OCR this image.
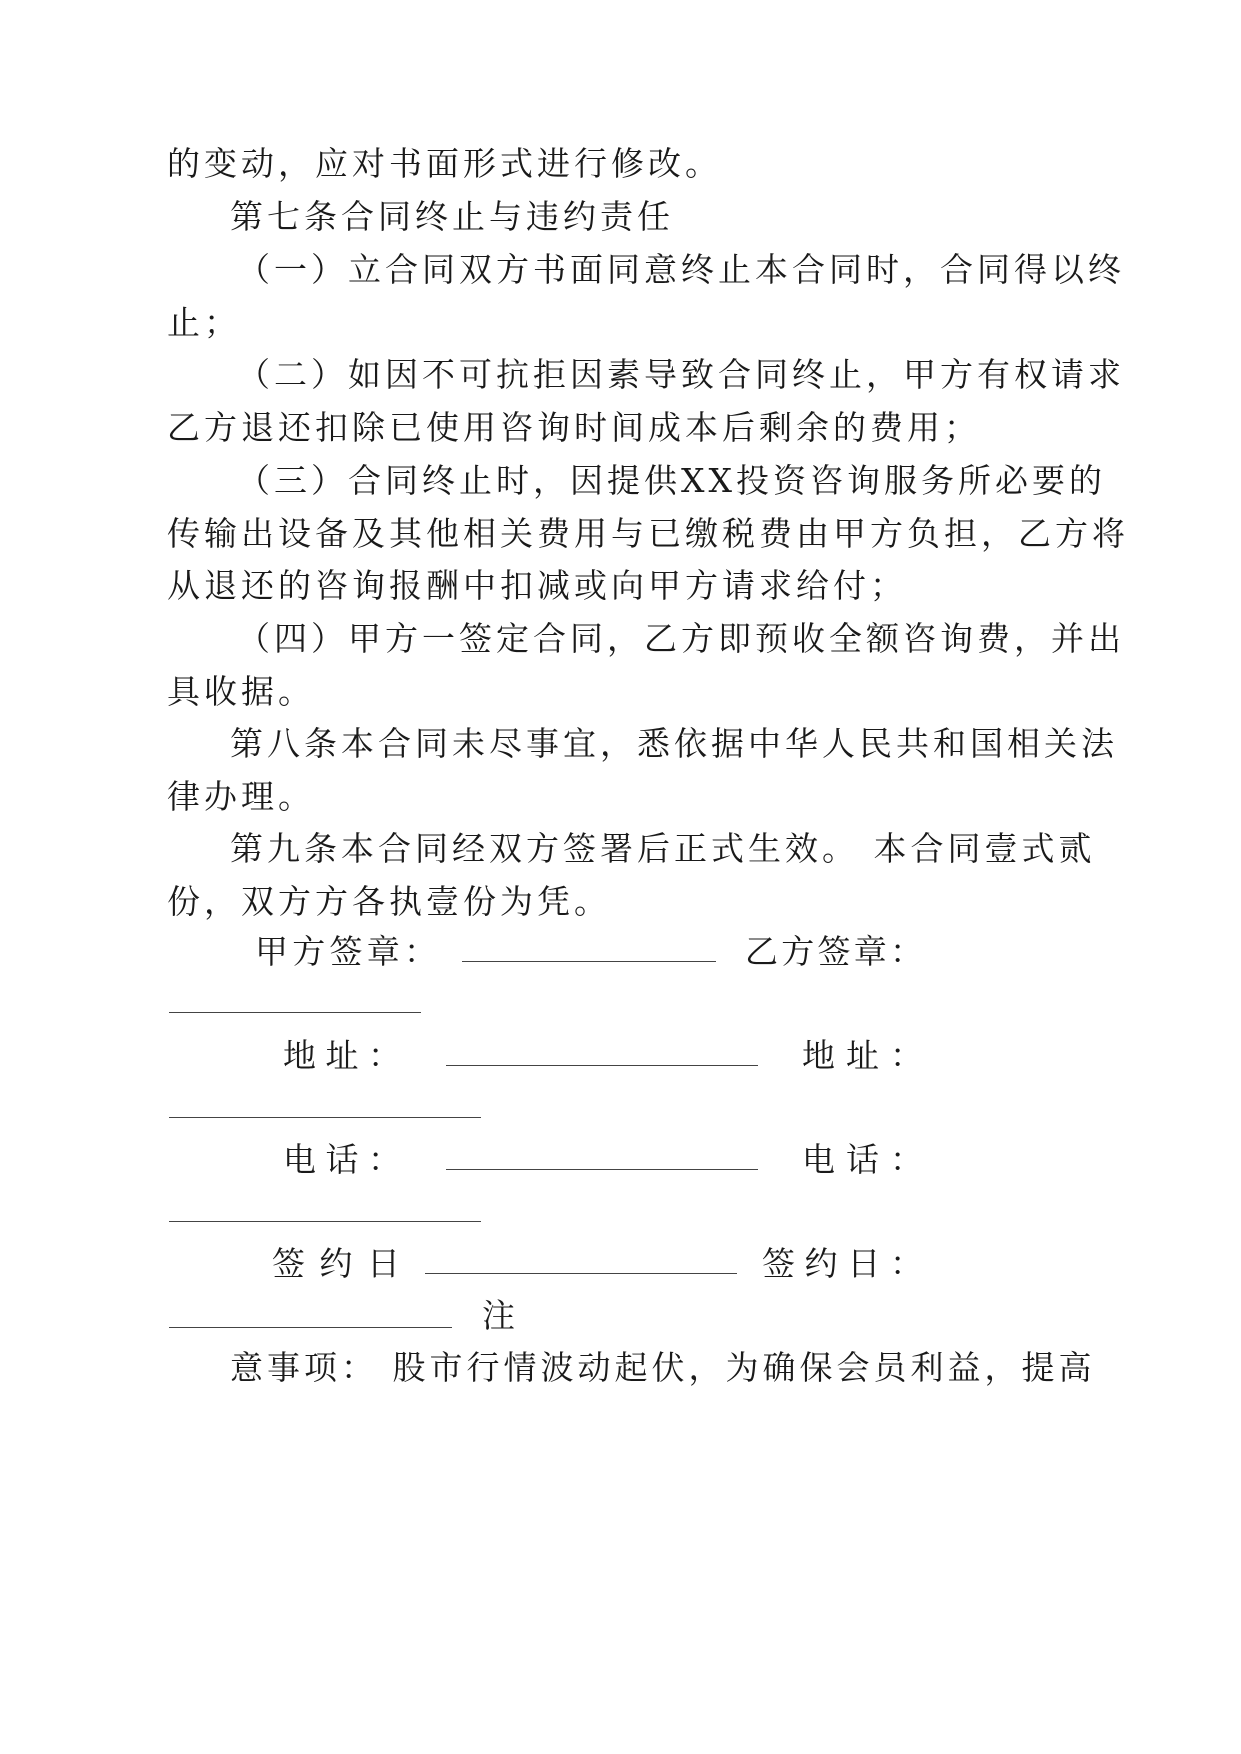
的变动，应对书面形式进行修改。
第七条合同终止与违约责任
（一）立合同双方书面同意终止本合同时，合同得以终
止；
（二）如因不可抗拒因素导致合同终止，甲方有权请求
乙方退还扣除已使用咨询时间成本后剩余的费用；
（三）合同终止时，因提供XX投资咨询服务所必要的
传输出设备及其他相关费用与已缴税费由甲方负担，乙方将
从退还的咨询报酬中扣减或向甲方请求给付；
（四）甲方一签定合同，乙方即预收全额咨询费，并出
具收据。
第八条本合同未尽事宜，悉依据中华人民共和国相关法
律办理。
第九条本合同经双方签署后正式生效。 本合同壹式贰
份，双方方各执壹份为凭。
甲方签章：	乙方签章：
地址：	地址：
电话：	电话：
签约日	签约日：
注
意事项： 股市行情波动起伏，为确保会员利益，提高
